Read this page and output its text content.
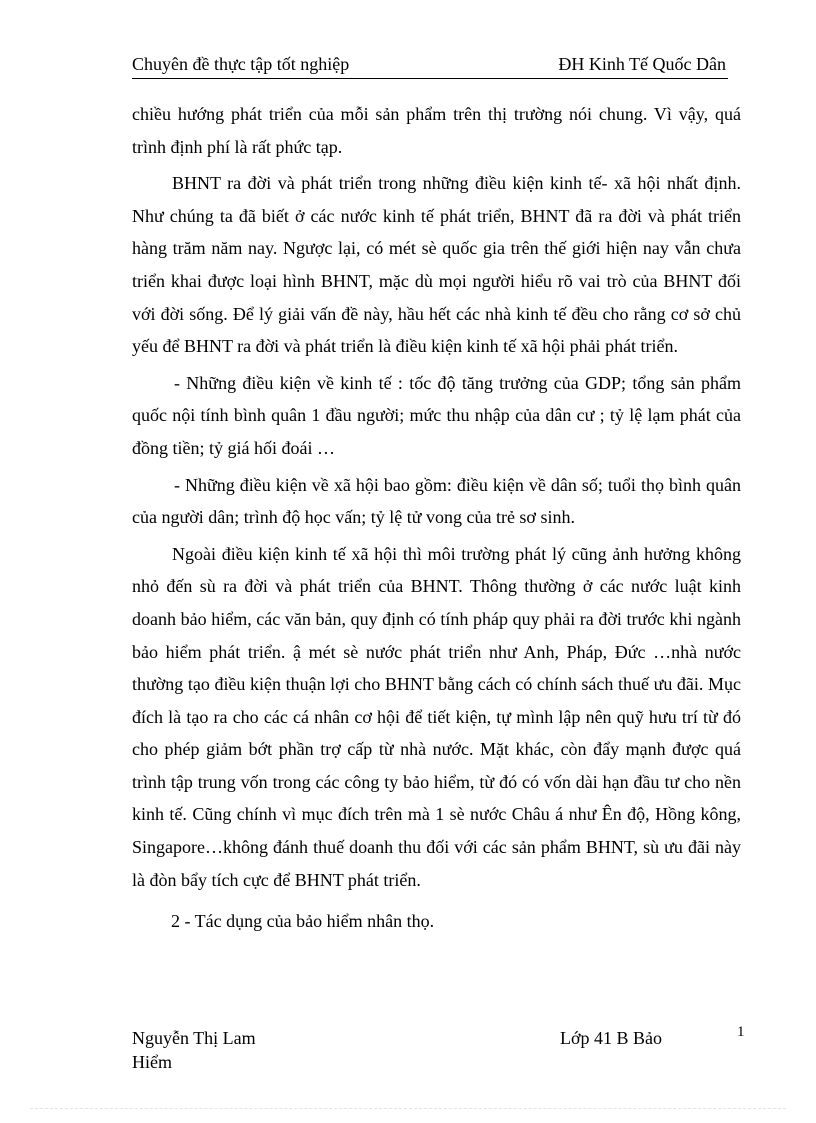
Chuyên đề thực tập tốt nghiệp	ĐH Kinh Tế Quốc Dân

chiều hướng phát triển của mỗi sản phẩm trên thị trường nói chung. Vì vậy, quá trình định phí là rất phức tạp.

BHNT ra đời và phát triển trong những điều kiện kinh tế- xã hội nhất định. Như chúng ta đã biết ở các nước kinh tế phát triển, BHNT đã ra đời và phát triển hàng trăm năm nay. Ngược lại, có mét sè quốc gia trên thế giới hiện nay vẫn chưa triển khai được loại hình BHNT, mặc dù mọi người hiểu rõ vai trò của BHNT đối với đời sống. Để lý giải vấn đề này, hầu hết các nhà kinh tế đều cho rằng cơ sở chủ yếu để BHNT ra đời và phát triển là điều kiện kinh tế xã hội phải phát triển.

- Những điều kiện về kinh tế : tốc độ tăng trưởng của GDP; tổng sản phẩm quốc nội tính bình quân 1 đầu người; mức thu nhập của dân cư ; tỷ lệ lạm phát của đồng tiền; tỷ giá hối đoái …

- Những điều kiện về xã hội bao gồm: điều kiện về dân số; tuổi thọ bình quân của người dân; trình độ học vấn; tỷ lệ tử vong của trẻ sơ sinh.

Ngoài điều kiện kinh tế xã hội thì môi trường phát lý cũng ảnh hưởng không nhỏ đến sù ra đời và phát triển của BHNT. Thông thường ở các nước luật kinh doanh bảo hiểm, các văn bản, quy định có tính pháp quy phải ra đời trước khi ngành bảo hiểm phát triển. ậ mét sè nước phát triển như Anh, Pháp, Đức …nhà nước thường tạo điều kiện thuận lợi cho BHNT bằng cách có chính sách thuế ưu đãi. Mục đích là tạo ra cho các cá nhân cơ hội để tiết kiện, tự mình lập nên quỹ hưu trí từ đó cho phép giảm bớt phần trợ cấp từ nhà nước. Mặt khác, còn đẩy mạnh được quá trình tập trung vốn trong các công ty bảo hiểm, từ đó có vốn dài hạn đầu tư cho nền kinh tế. Cũng chính vì mục đích trên mà 1 sè nước Châu á như Ên độ, Hồng kông, Singapore…không đánh thuế doanh thu đối với các sản phẩm BHNT, sù ưu đãi này là đòn bẩy tích cực để BHNT phát triển.

2 - Tác dụng của bảo hiểm nhân thọ.

Nguyễn Thị Lam
Hiểm
Lớp 41 B Bảo	1
